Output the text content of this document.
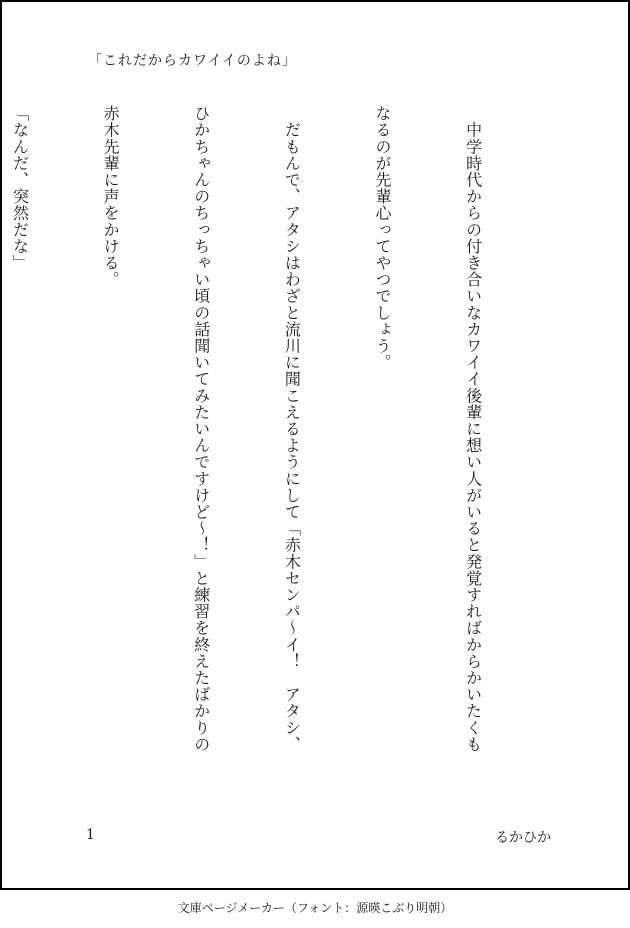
「これだからカワイイのよね」

　中学時代からの付き合いなカワイイ後輩に想い人がいると発覚すればからかいたくも

なるのが先輩心ってやつでしょう。

　だもんで、アタシはわざと流川に聞こえるようにして「赤木センパ〜イ！　アタシ、

ひかちゃんのちっちゃい頃の話聞いてみたいんですけど〜！」と練習を終えたばかりの

赤木先輩に声をかける。

「なんだ、突然だな」

1	るかひか
文庫ページメーカー（フォント：源暎こぶり明朝）
